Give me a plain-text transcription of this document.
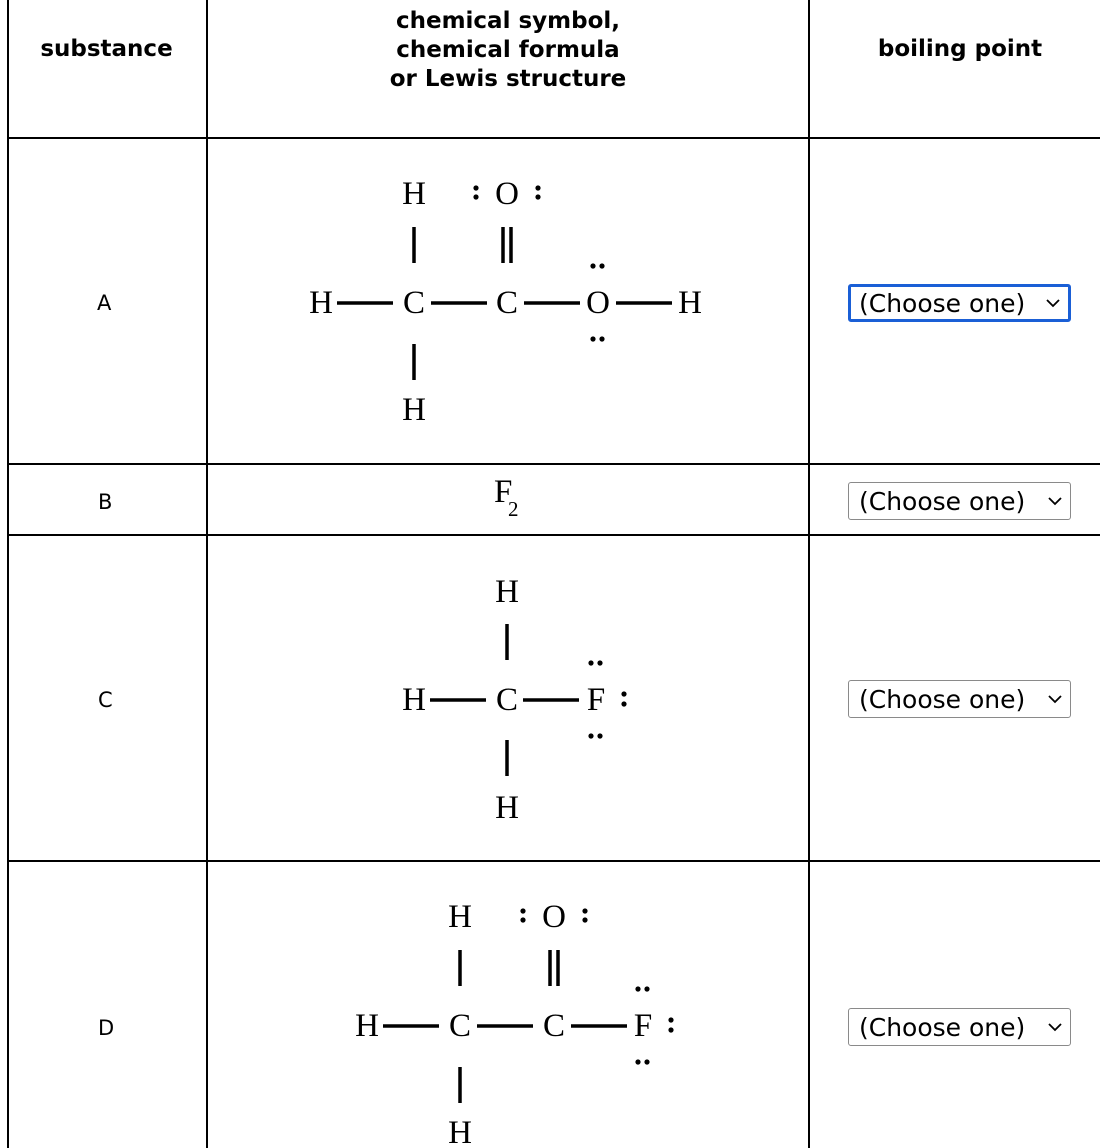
substance
chemical symbol,
chemical formula
or Lewis structure
boiling point
A
B
C
D
H O
H C C O H
H
F
2
H
H C F
H
H O
H C C F
H
(Choose one)
(Choose one)
(Choose one)
(Choose one)
